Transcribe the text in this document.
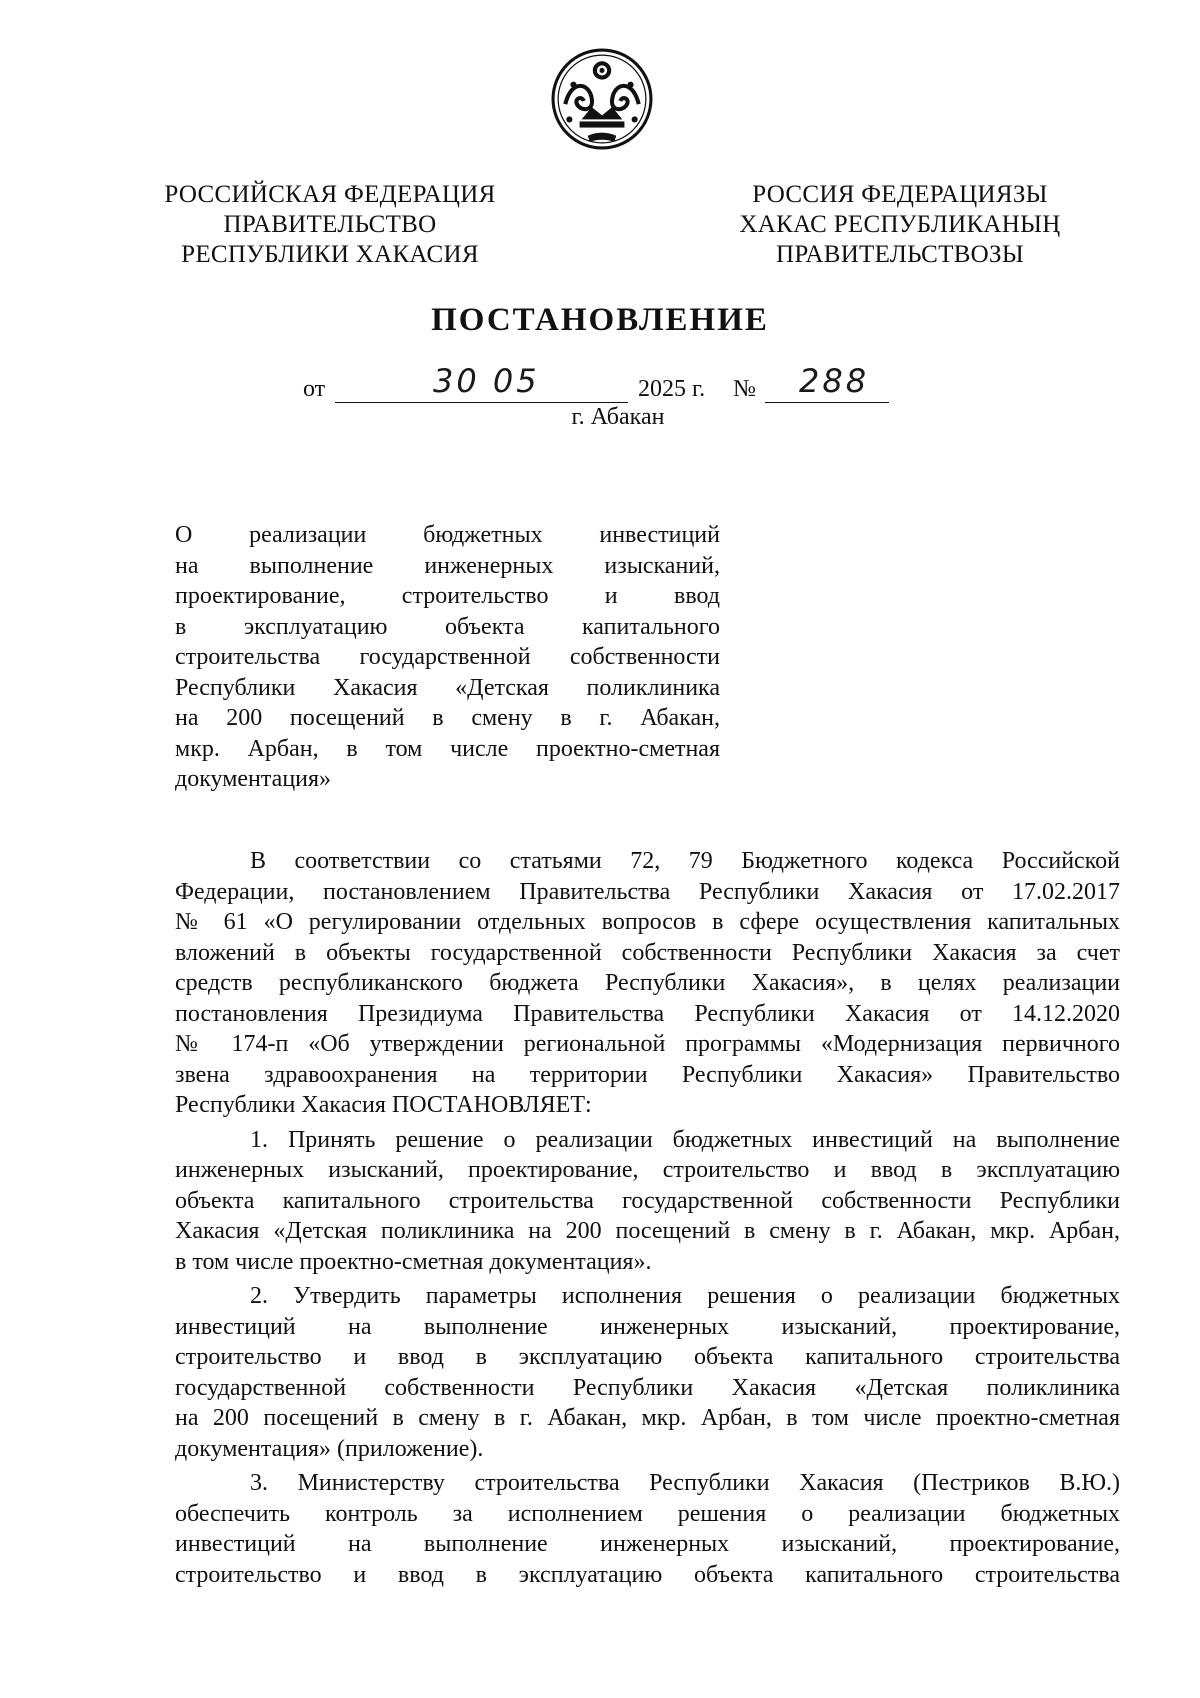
РОССИЙСКАЯ ФЕДЕРАЦИЯ
ПРАВИТЕЛЬСТВО
РЕСПУБЛИКИ ХАКАСИЯ
РОССИЯ ФЕДЕРАЦИЯЗЫ
ХАКАС РЕСПУБЛИКАНЫҢ
ПРАВИТЕЛЬСТВОЗЫ
ПОСТАНОВЛЕНИЕ
от	30 05	2025 г. № 288
г. Абакан
О реализации бюджетных инвестиций
на выполнение инженерных изысканий,
проектирование, строительство и ввод
в эксплуатацию объекта капитального
строительства государственной собственности
Республики Хакасия «Детская поликлиника
на 200 посещений в смену в г. Абакан,
мкр. Арбан, в том числе проектно-сметная
документация»
В соответствии со статьями 72, 79 Бюджетного кодекса Российской
Федерации, постановлением Правительства Республики Хакасия от 17.02.2017
№ 61 «О регулировании отдельных вопросов в сфере осуществления капитальных
вложений в объекты государственной собственности Республики Хакасия за счет
средств республиканского бюджета Республики Хакасия», в целях реализации
постановления Президиума Правительства Республики Хакасия от 14.12.2020
№ 174-п «Об утверждении региональной программы «Модернизация первичного
звена здравоохранения на территории Республики Хакасия» Правительство
Республики Хакасия ПОСТАНОВЛЯЕТ:
1. Принять решение о реализации бюджетных инвестиций на выполнение
инженерных изысканий, проектирование, строительство и ввод в эксплуатацию
объекта капитального строительства государственной собственности Республики
Хакасия «Детская поликлиника на 200 посещений в смену в г. Абакан, мкр. Арбан,
в том числе проектно-сметная документация».
2. Утвердить параметры исполнения решения о реализации бюджетных
инвестиций на выполнение инженерных изысканий, проектирование,
строительство и ввод в эксплуатацию объекта капитального строительства
государственной собственности Республики Хакасия «Детская поликлиника
на 200 посещений в смену в г. Абакан, мкр. Арбан, в том числе проектно-сметная
документация» (приложение).
3. Министерству строительства Республики Хакасия (Пестриков В.Ю.)
обеспечить контроль за исполнением решения о реализации бюджетных
инвестиций на выполнение инженерных изысканий, проектирование,
строительство и ввод в эксплуатацию объекта капитального строительства
